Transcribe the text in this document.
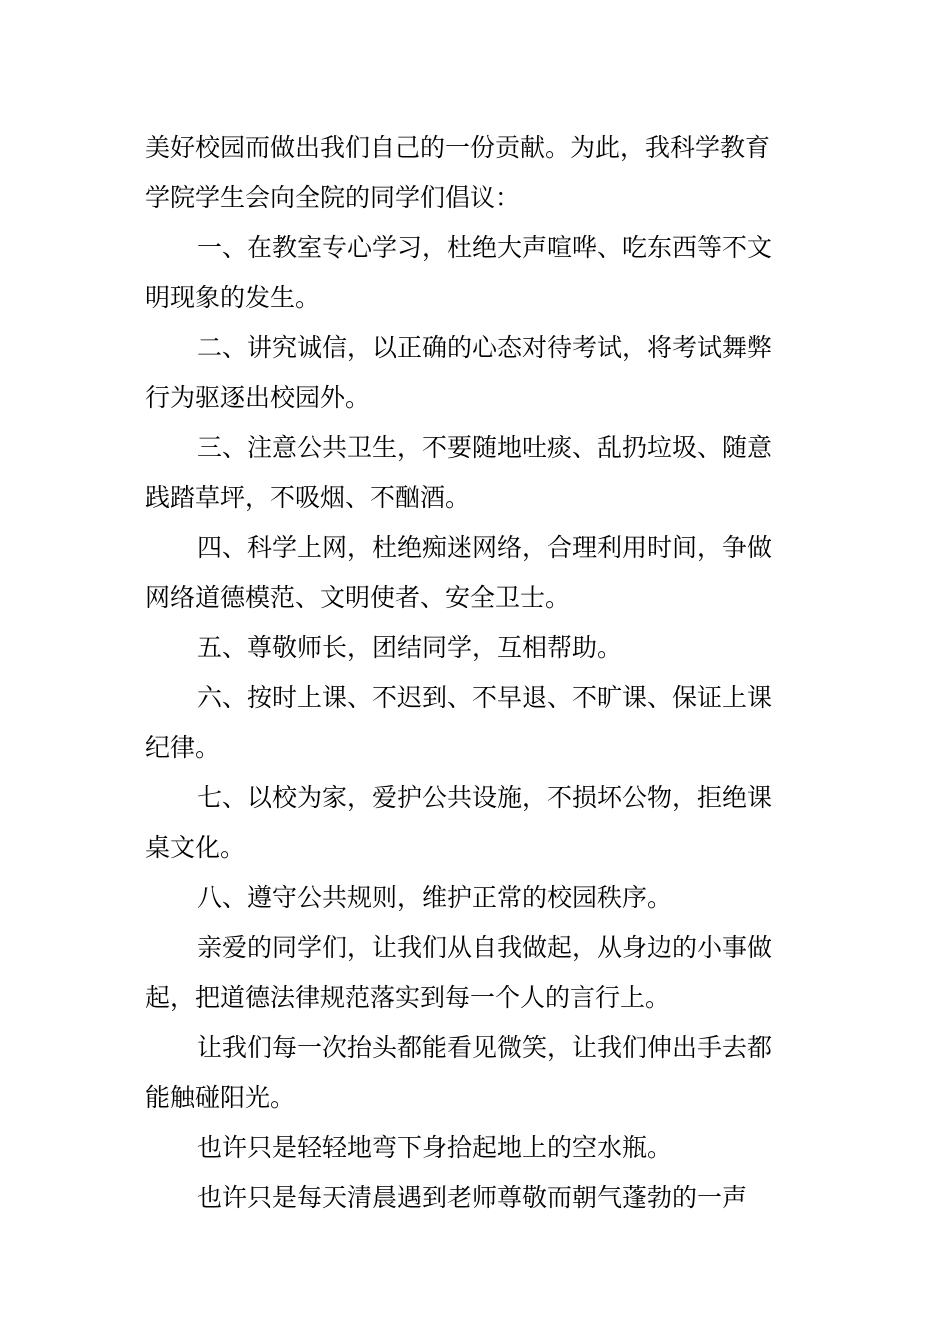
美好校园而做出我们自己的一份贡献。为此，我科学教育
学院学生会向全院的同学们倡议：
一、在教室专心学习，杜绝大声喧哗、吃东西等不文
明现象的发生。
二、讲究诚信，以正确的心态对待考试，将考试舞弊
行为驱逐出校园外。
三、注意公共卫生，不要随地吐痰、乱扔垃圾、随意
践踏草坪，不吸烟、不酗酒。
四、科学上网，杜绝痴迷网络，合理利用时间，争做
网络道德模范、文明使者、安全卫士。
五、尊敬师长，团结同学，互相帮助。
六、按时上课、不迟到、不早退、不旷课、保证上课
纪律。
七、以校为家，爱护公共设施，不损坏公物，拒绝课
桌文化。
八、遵守公共规则，维护正常的校园秩序。
亲爱的同学们，让我们从自我做起，从身边的小事做
起，把道德法律规范落实到每一个人的言行上。
让我们每一次抬头都能看见微笑，让我们伸出手去都
能触碰阳光。
也许只是轻轻地弯下身拾起地上的空水瓶。
也许只是每天清晨遇到老师尊敬而朝气蓬勃的一声
